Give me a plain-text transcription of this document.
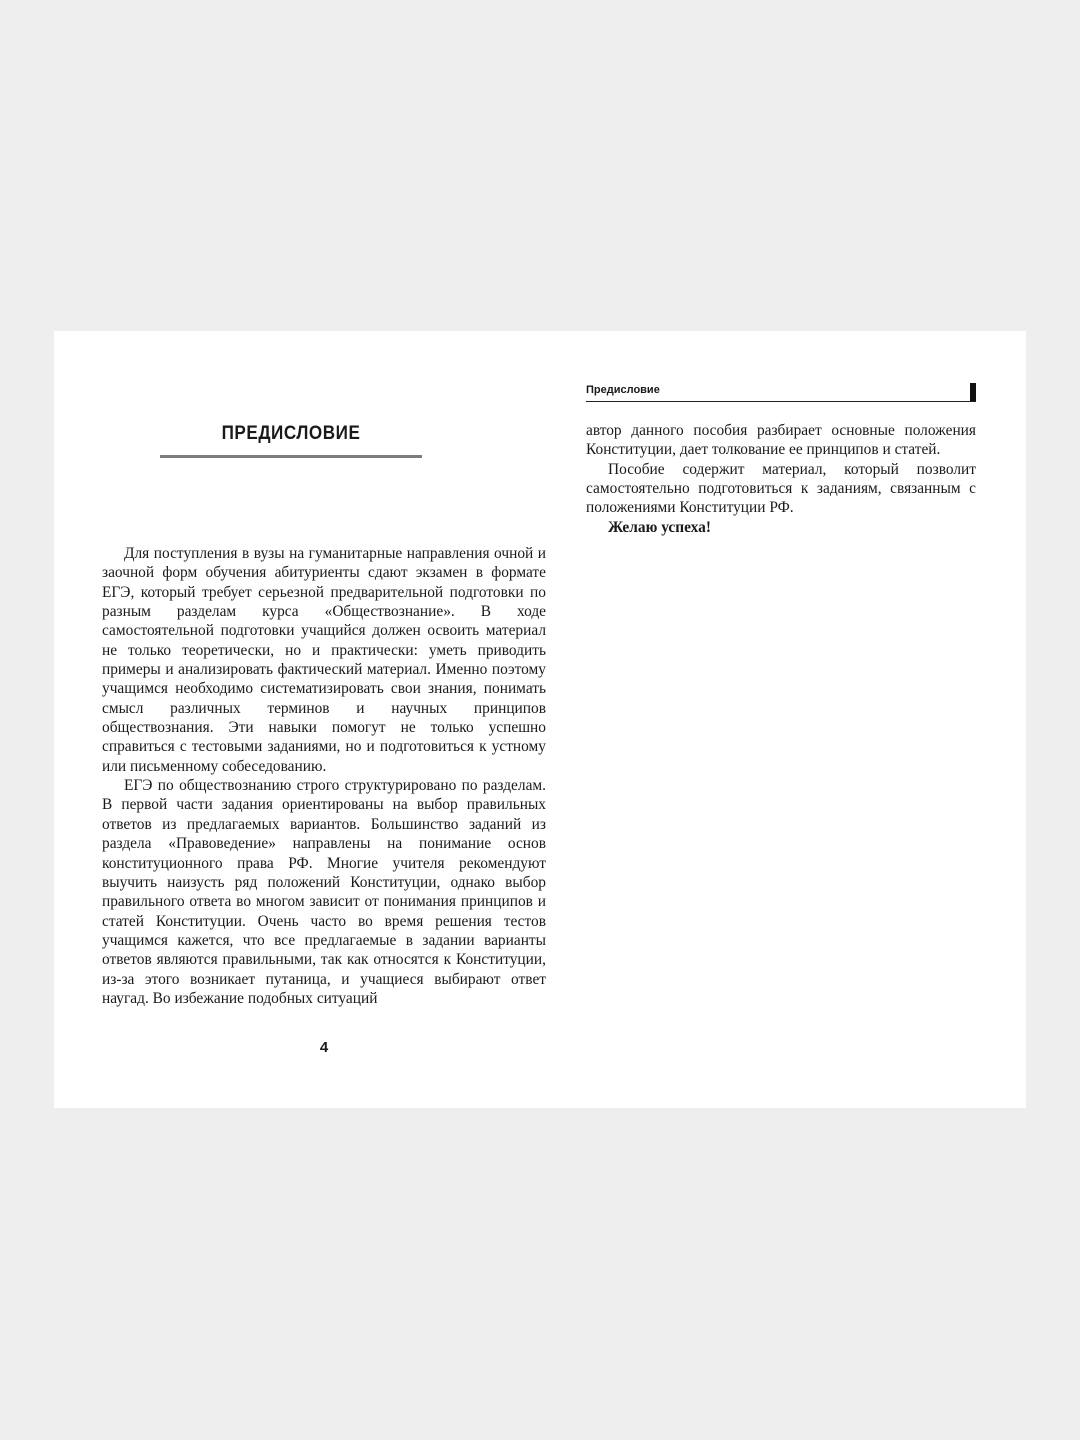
ПРЕДИСЛОВИЕ

Для поступления в вузы на гуманитарные направления очной и заочной форм обучения абитуриенты сдают экзамен в формате ЕГЭ, который требует серьезной предварительной подготовки по разным разделам курса «Обществознание». В ходе самостоятельной подготовки учащийся должен освоить материал не только теоретически, но и практически: уметь приводить примеры и анализировать фактический материал. Именно поэтому учащимся необходимо систематизировать свои знания, понимать смысл различных терминов и научных принципов обществознания. Эти навыки помогут не только успешно справиться с тестовыми заданиями, но и подготовиться к устному или письменному собеседованию.

ЕГЭ по обществознанию строго структурировано по разделам. В первой части задания ориентированы на выбор правильных ответов из предлагаемых вариантов. Большинство заданий из раздела «Правоведение» направлены на понимание основ конституционного права РФ. Многие учителя рекомендуют выучить наизусть ряд положений Конституции, однако выбор правильного ответа во многом зависит от понимания принципов и статей Конституции. Очень часто во время решения тестов учащимся кажется, что все предлагаемые в задании варианты ответов являются правильными, так как относятся к Конституции, из-за этого возникает путаница, и учащиеся выбирают ответ наугад. Во избежание подобных ситуаций

4
Предисловие

автор данного пособия разбирает основные положения Конституции, дает толкование ее принципов и статей.

Пособие содержит материал, который позволит самостоятельно подготовиться к заданиям, связанным с положениями Конституции РФ.

Желаю успеха!
